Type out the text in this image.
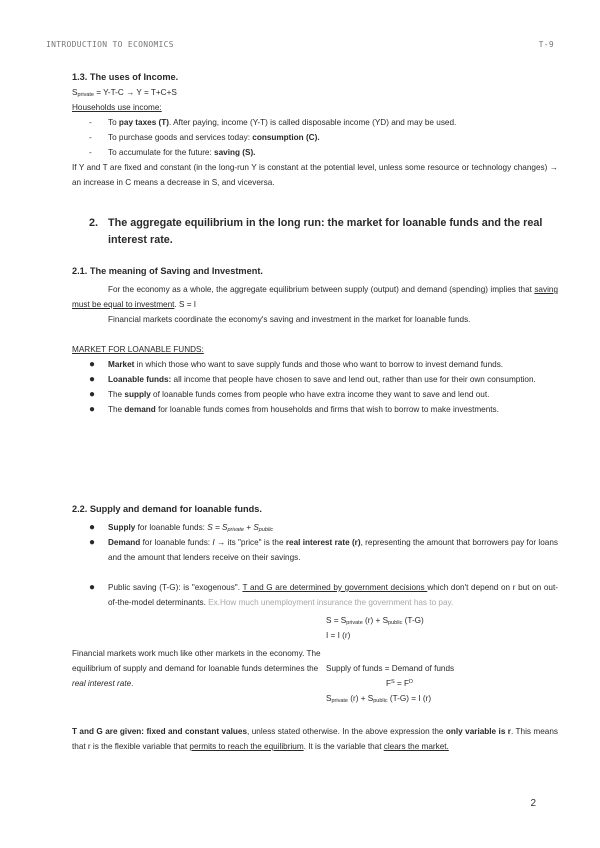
INTRODUCTION TO ECONOMICS	T-9
1.3. The uses of Income.
$S_{private} = Y-T-C \to Y = T+C+S$
Households use income:
- To pay taxes (T). After paying, income (Y-T) is called disposable income (YD) and may be used.
- To purchase goods and services today: consumption (C).
- To accumulate for the future: saving (S).
If Y and T are fixed and constant (in the long-run Y is constant at the potential level, unless some resource or technology changes) → an increase in C means a decrease in S, and viceversa.
2. The aggregate equilibrium in the long run: the market for loanable funds and the real interest rate.
2.1. The meaning of Saving and Investment.
For the economy as a whole, the aggregate equilibrium between supply (output) and demand (spending) implies that saving must be equal to investment. S = I
Financial markets coordinate the economy's saving and investment in the market for loanable funds.
MARKET FOR LOANABLE FUNDS:
● Market in which those who want to save supply funds and those who want to borrow to invest demand funds.
● Loanable funds: all income that people have chosen to save and lend out, rather than use for their own consumption.
● The supply of loanable funds comes from people who have extra income they want to save and lend out.
● The demand for loanable funds comes from households and firms that wish to borrow to make investments.
2.2. Supply and demand for loanable funds.
● Supply for loanable funds: $S = S_{private} + S_{public}$
● Demand for loanable funds: I → its "price" is the real interest rate (r), representing the amount that borrowers pay for loans and the amount that lenders receive on their savings.
● Public saving (T-G): is "exogenous". T and G are determined by government decisions which don't depend on r but on out-of-the-model determinants. Ex.How much unemployment insurance the government has to pay.
$S = S_{private}$ $(r) + S_{public}$ (T-G)
I = I (r)
Financial markets work much like other markets in the economy. The equilibrium of supply and demand for loanable funds determines the real interest rate.
Supply of funds = Demand of funds
$F^S = F^D$
$S_{private}$ $(r) + S_{public}$ (T-G) = I (r)
T and G are given: fixed and constant values, unless stated otherwise. In the above expression the only variable is r. This means that r is the flexible variable that permits to reach the equilibrium. It is the variable that clears the market.
2
